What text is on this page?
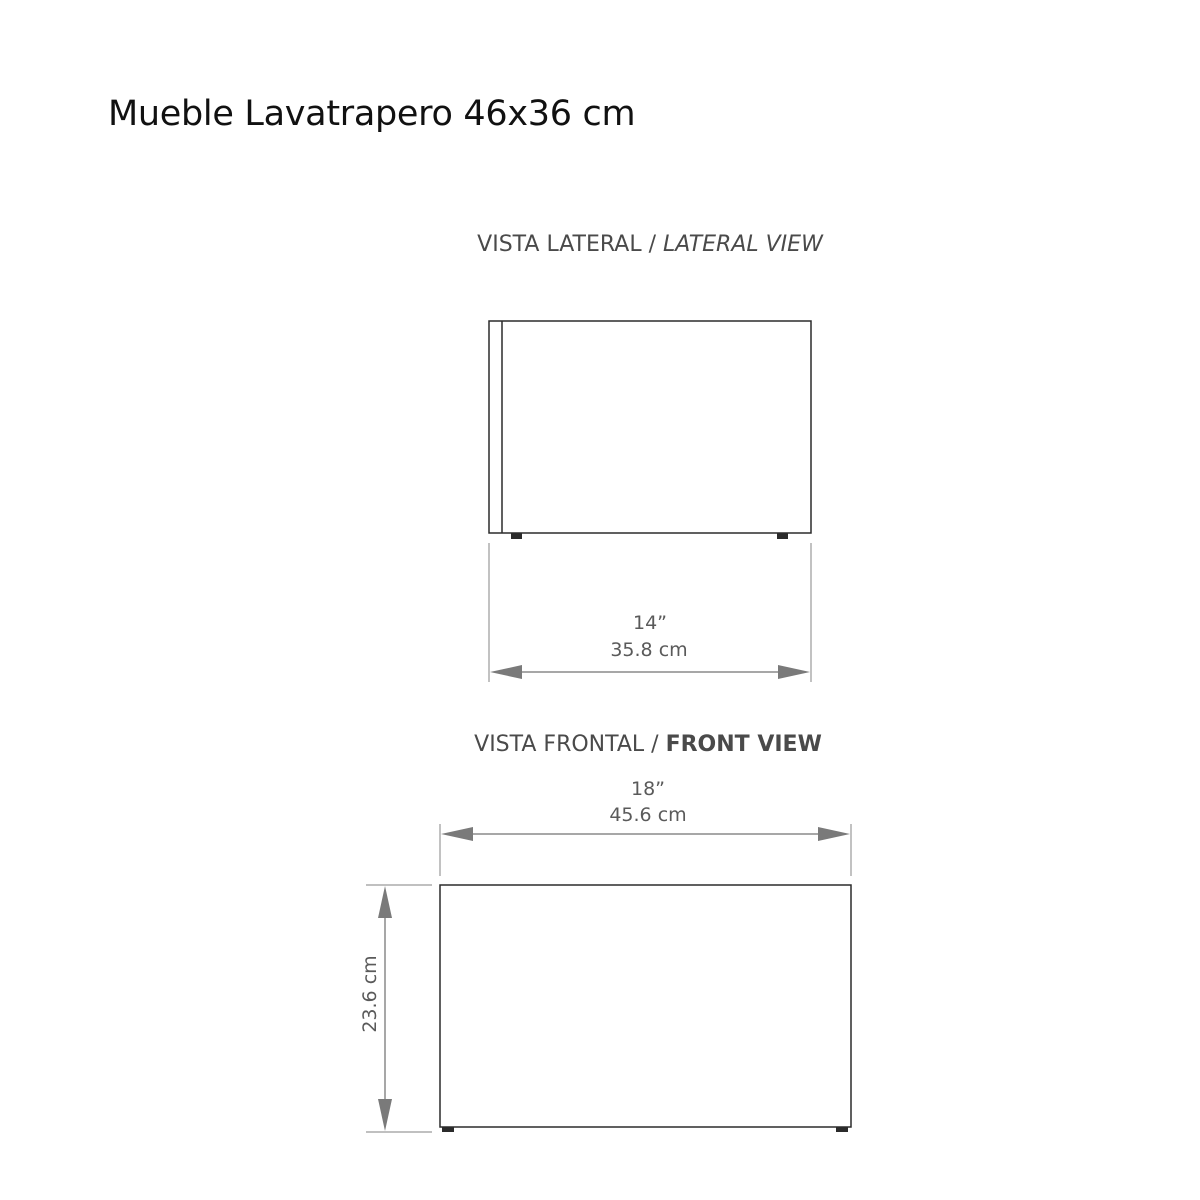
Mueble Lavatrapero 46x36 cm
VISTA LATERAL / LATERAL VIEW
14”
35.8 cm
VISTA FRONTAL / FRONT VIEW
18”
45.6 cm
23.6 cm
